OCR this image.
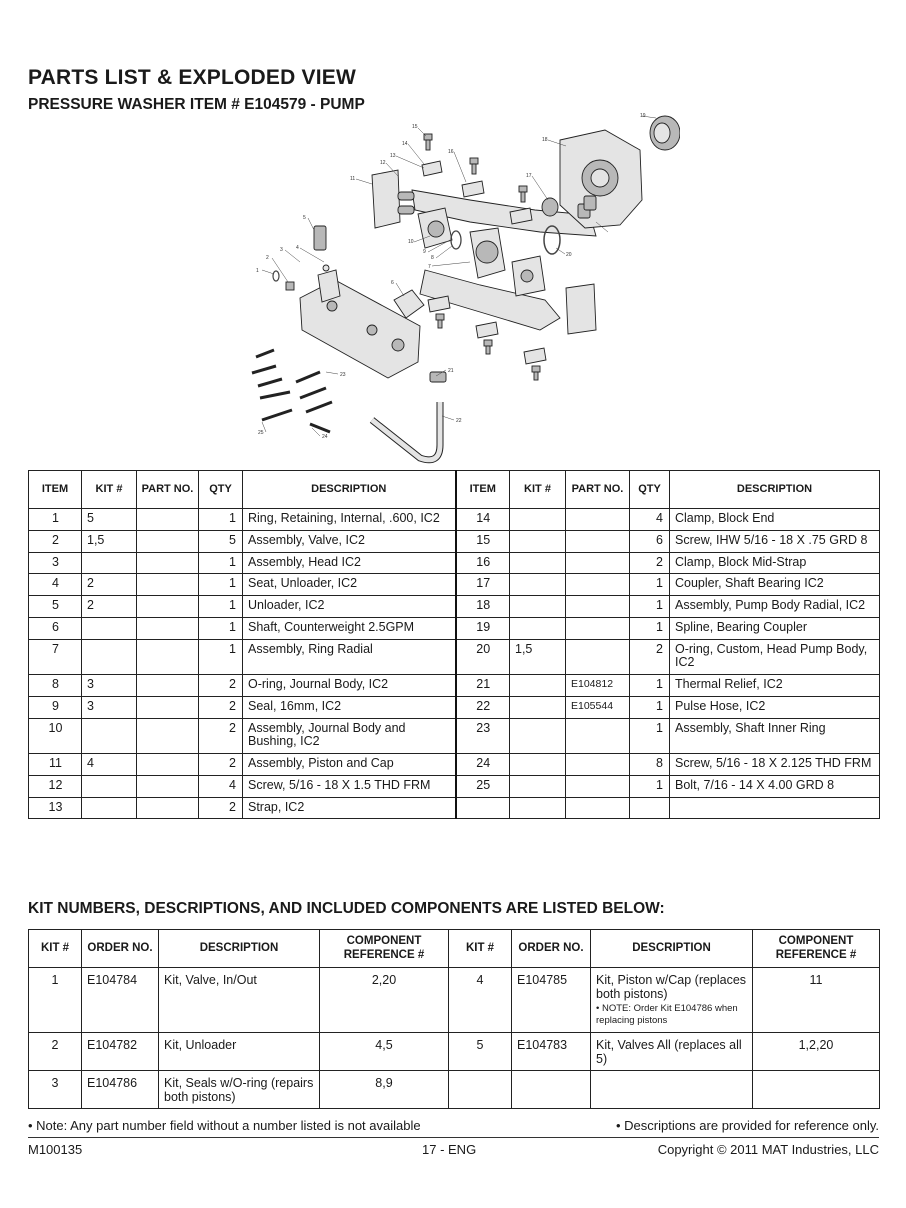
PARTS LIST & EXPLODED VIEW
PRESSURE WASHER ITEM # E104579 - PUMP
1
2
3	4
5
6
7
8
9
10
11
12
13
14
15
16
17
18
19
20
21
22
23
24
25
ITEM	KIT #	PART NO.	QTY	DESCRIPTION	ITEM	KIT #	PART NO.	QTY	DESCRIPTION
1	5		1	Ring, Retaining, Internal, .600, IC2	14			4	Clamp, Block End
2	1,5		5	Assembly, Valve, IC2	15			6	Screw, IHW 5/16 - 18 X .75 GRD 8
3			1	Assembly, Head IC2	16			2	Clamp, Block Mid-Strap
4	2		1	Seat, Unloader, IC2	17			1	Coupler, Shaft Bearing IC2
5	2		1	Unloader, IC2	18			1	Assembly, Pump Body Radial, IC2
6			1	Shaft, Counterweight 2.5GPM	19			1	Spline, Bearing Coupler
7			1	Assembly, Ring Radial	20	1,5		2	O-ring, Custom, Head Pump Body, IC2
8	3		2	O-ring, Journal Body, IC2	21		E104812	1	Thermal Relief, IC2
9	3		2	Seal, 16mm, IC2	22		E105544	1	Pulse Hose, IC2
10			2	Assembly, Journal Body and Bushing, IC2	23			1	Assembly, Shaft Inner Ring
11	4		2	Assembly, Piston and Cap	24			8	Screw, 5/16 - 18 X 2.125 THD FRM
12			4	Screw, 5/16 - 18 X 1.5 THD FRM	25			1	Bolt, 7/16 - 14 X 4.00 GRD 8
13			2	Strap, IC2					
KIT NUMBERS, DESCRIPTIONS, AND INCLUDED COMPONENTS ARE LISTED BELOW:
KIT #	ORDER NO.	DESCRIPTION	COMPONENT REFERENCE #	KIT #	ORDER NO.	DESCRIPTION	COMPONENT REFERENCE #
1	E104784	Kit, Valve, In/Out	2,20	4	E104785	Kit, Piston w/Cap (replaces both pistons)
• NOTE: Order Kit E104786 when replacing pistons	11
2	E104782	Kit, Unloader	4,5	5	E104783	Kit, Valves All (replaces all 5)	1,2,20
3	E104786	Kit, Seals w/O-ring (repairs both pistons)	8,9				
• Note: Any part number field without a number listed is not available	• Descriptions are provided for reference only.
M100135	17 - ENG	Copyright © 2011 MAT Industries, LLC
